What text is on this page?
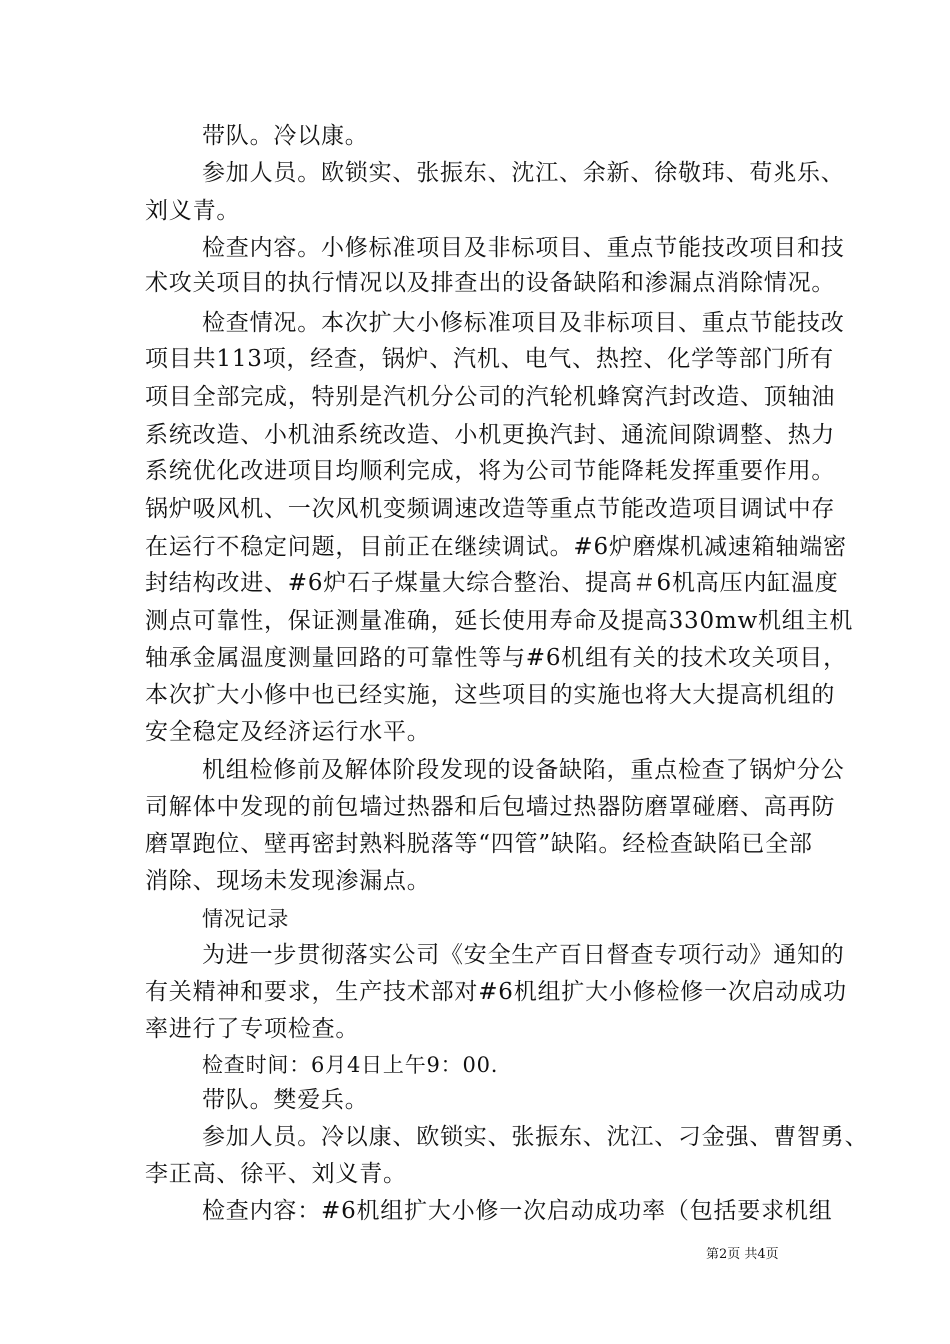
带队。冷以康。
参加人员。欧锁实、张振东、沈江、余新、徐敬玮、荀兆乐、
刘义青。
检查内容。小修标准项目及非标项目、重点节能技改项目和技
术攻关项目的执行情况以及排查出的设备缺陷和渗漏点消除情况。
检查情况。本次扩大小修标准项目及非标项目、重点节能技改
项目共113项，经查，锅炉、汽机、电气、热控、化学等部门所有
项目全部完成，特别是汽机分公司的汽轮机蜂窝汽封改造、顶轴油
系统改造、小机油系统改造、小机更换汽封、通流间隙调整、热力
系统优化改进项目均顺利完成，将为公司节能降耗发挥重要作用。
锅炉吸风机、一次风机变频调速改造等重点节能改造项目调试中存
在运行不稳定问题，目前正在继续调试。#6炉磨煤机减速箱轴端密
封结构改进、#6炉石子煤量大综合整治、提高＃6机高压内缸温度
测点可靠性，保证测量准确，延长使用寿命及提高330mw机组主机
轴承金属温度测量回路的可靠性等与#6机组有关的技术攻关项目，
本次扩大小修中也已经实施，这些项目的实施也将大大提高机组的
安全稳定及经济运行水平。
机组检修前及解体阶段发现的设备缺陷，重点检查了锅炉分公
司解体中发现的前包墙过热器和后包墙过热器防磨罩碰磨、高再防
磨罩跑位、壁再密封熟料脱落等“四管”缺陷。经检查缺陷已全部
消除、现场未发现渗漏点。
情况记录
为进一步贯彻落实公司《安全生产百日督查专项行动》通知的
有关精神和要求，生产技术部对#6机组扩大小修检修一次启动成功
率进行了专项检查。
检查时间：6月4日上午9：00.
带队。樊爱兵。
参加人员。冷以康、欧锁实、张振东、沈江、刁金强、曹智勇、
李正高、徐平、刘义青。
检查内容：#6机组扩大小修一次启动成功率（包括要求机组
第2页 共4页
